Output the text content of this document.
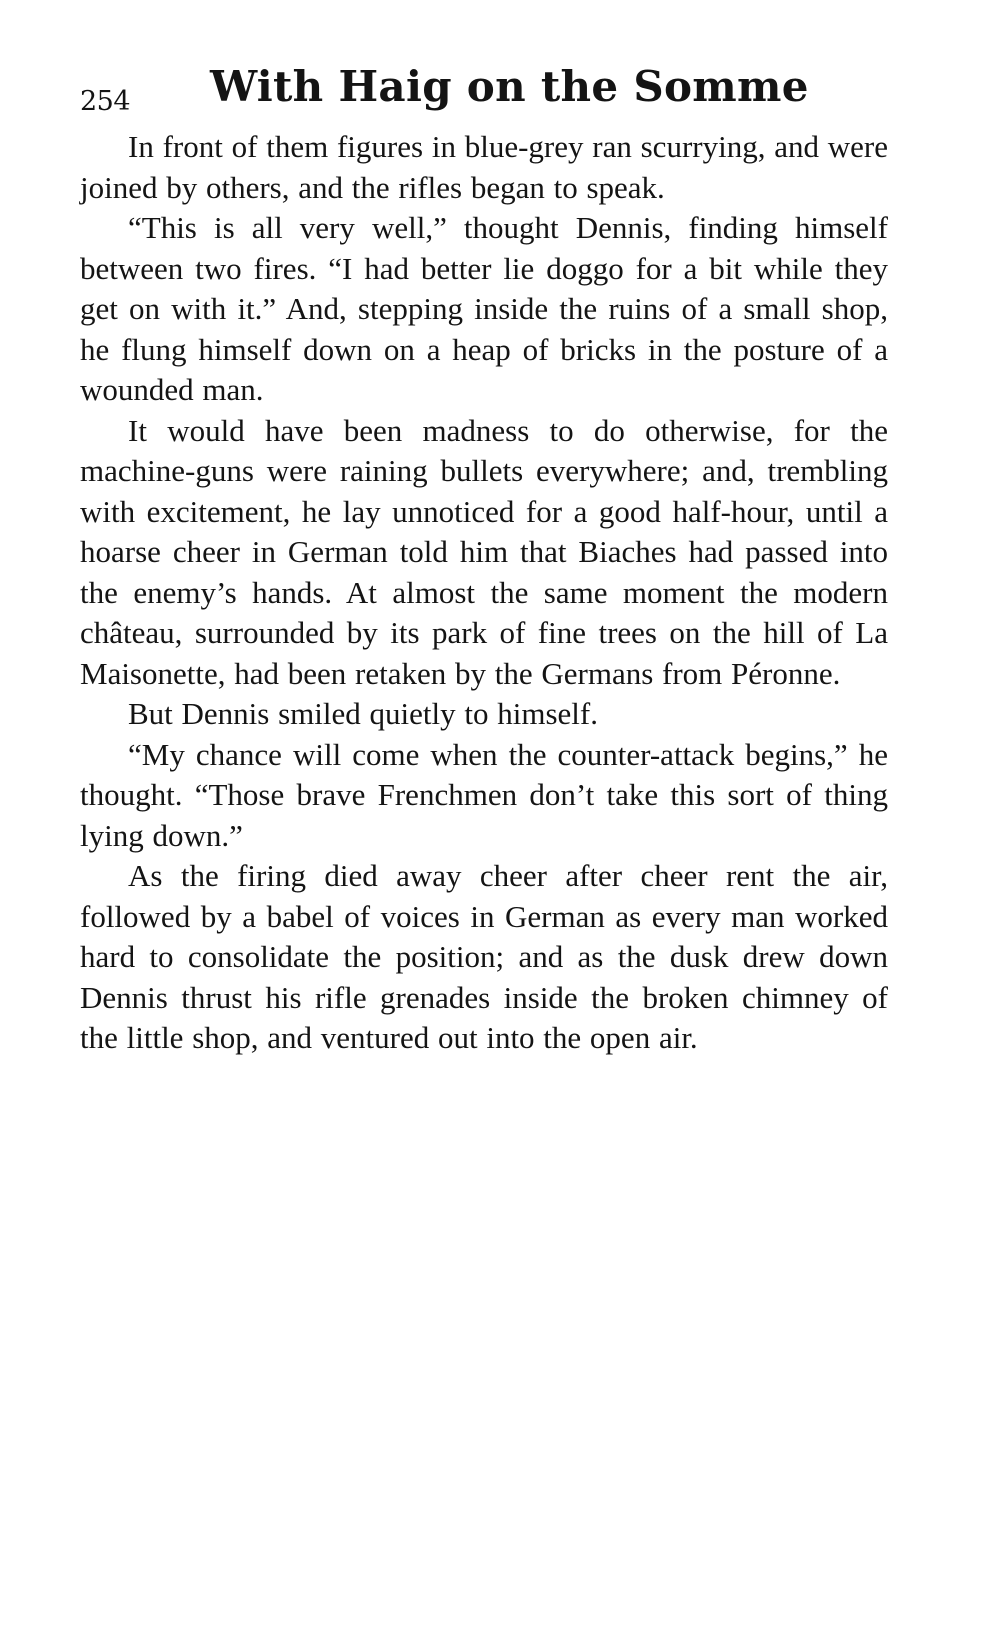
254 With Haig on the Somme

In front of them figures in blue-grey ran scurrying, and were joined by others, and the rifles began to speak.

“This is all very well,” thought Dennis, finding himself between two fires. “I had better lie doggo for a bit while they get on with it.” And, stepping inside the ruins of a small shop, he flung himself down on a heap of bricks in the posture of a wounded man.

It would have been madness to do otherwise, for the machine-guns were raining bullets everywhere; and, trembling with excitement, he lay unnoticed for a good half-hour, until a hoarse cheer in German told him that Biaches had passed into the enemy’s hands. At almost the same moment the modern château, surrounded by its park of fine trees on the hill of La Maisonette, had been retaken by the Germans from Péronne.

But Dennis smiled quietly to himself.

“My chance will come when the counter-attack begins,” he thought. “Those brave Frenchmen don’t take this sort of thing lying down.”

As the firing died away cheer after cheer rent the air, followed by a babel of voices in German as every man worked hard to consolidate the position; and as the dusk drew down Dennis thrust his rifle grenades inside the broken chimney of the little shop, and ventured out into the open air.
